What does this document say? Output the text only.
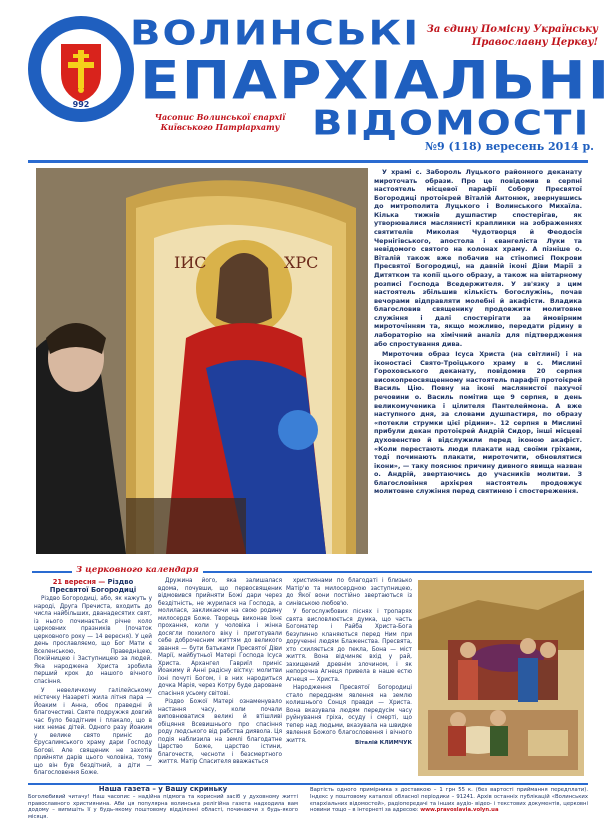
992
ВОЛИНСЬКІ
ЕПАРХІАЛЬНІ
ВІДОМОСТІ
За єдину Помісну Українську Православну Церкву!
Часопис Волинської єпархії Київського Патріархату
№9 (118) вересень 2014 р.
ІИС	ХРС

У храмі с. Забороль Луцького районного деканату мироточать образи. Про це повідомив в серпні настоятель місцевої парафії Собору Пресвятої Богородиці протоієрей Віталій Антонюк, звернувшись до митрополита Луцького і Волинського Михаїла. Кілька тижнів душпастир спостерігав, як утворювалися маслянисті краплинки на зображеннях святителів Миколая Чудотворця й Феодосія Чернігівського, апостола і євангеліста Луки та невідомого святого на колонах храму. А пізніше о. Віталій також вже побачив на стінописі Покрови Пресвятої Богородиці, на давній іконі Діви Марії з Дитятком та копії цього образу, а також на вівтарному розписі Господа Вседержителя. У зв'язку з цим настоятель збільшив кількість богослужінь, почав вечорами відправляти молебні й акафісти. Владика благословив священику продовжити молитовне служіння і далі спостерігати за ймовірним мироточінням та, якщо можливо, передати рідину в лабораторію на хімічний аналіз для підтвердження або спростування дива.

Мироточив образ Ісуса Христа (на світлині) і на іконостасі Свято-Троїцького храму в с. Мислині Гороховського деканату, повідомив 20 серпня високопреосвященному настоятель парафії протоієрей Василь Цію. Повну на іконі маслянистої пахучої речовини о. Василь помітив ще 9 серпня, в день великомученика і цілителя Пантелеймона. А вже наступного дня, за словами душпастиря, по образу «потекли струмки цієї рідини». 12 серпня в Мислині прибули декан протоієрей Андрій Сидор, інші місцеві духовенство й відслужили перед іконою акафіст. «Коли перестають люди плакати над своїми гріхами, тоді починають плакати, мироточити, обновлятися ікони», — таку пояснює причину дивного явища назван о. Андрій, звертаючись до учасників молитви. З благословіння архієрея настоятель продовжує молитовне служіння перед святинею і спостереження.

З церковного календаря
21 вересня — Різдво Пресвятої Богородиці

Різдво Богородиці, або, як кажуть у народі, Друга Пречиста, входить до числа найбільших, дванадесятих свят, із нього починається річне коло церковних празників (початок церковного року — 14 вересня). У цей день прославляємо, що Бог Мати є Вселенською, Праведніцею, Покійницею і Заступницею за людей. Яка народжена Христа зробила перший крок до нашого вічного спасіння.

У невеличкому галілейському містечку Назареті жила літня пара — Йоаким і Анна, обоє праведні й благочестиві. Святе подружжя довгий час було бездітним і плакало, що в них немає дітей. Одного разу Йоаким у велике свято приніс до Єрусалимського храму дари Господу Богові. Але священик не захотів прийняти дарів цього чоловіка, тому що він був бездітний, а діти — благословення Боже.

Дружина його, яка залишалася вдома, почувши, що первосвященик відмовився прийняти Божі дари через бездітність, не журилася на Господа, а молилася, закликаючи на свою родину милосердя Боже. Творець виконав їхнє прохання, коли у чоловіка і жінка досягли похилого віку і приготували себе доброчесним життям до великого звання — бути батьками Пресвятої Діви Марії, майбутньої Матері Господа Ісуса Христа. Архангел Гавриїл приніс Йоакиму й Анні радісну вістку: молитви їхні почуті Богом, і в них народиться дочка Марія, через Котру буде дароване спасіння усьому світові.

Різдво Божої Матері ознаменувало настання часу, коли почали виповнюватися великі й втішливі обіцяння Всевишнього про спасіння роду людського від рабства диявола. Ця подія наблизила на землі благодатне Царство Боже, царство істини, благочестя, чесноти і безсмертного життя. Матір Спасителя вважається

християнами по благодаті і близько Матір'ю та милосердною заступницею, до Якої вони постійно звертаються із синівською любов'ю.

У богослужбових піснях і тропарях свята висловлюється думка, що часть Богоматер і Райба Христа-Бога безупинно кланяються перед Ним при дорученні людям Блаженства. Пресвята, хто схиляється до пекла, Бона — міст життя. Вона відчиняє вхід у рай, захищений древнім злочином, і як непорочна Агнеця привела в наше естю Агнеця — Христа.

Народження Пресвятої Богородиці стало переддням явлення на землю колишнього Сонця правди — Христа. Вона вказувала людям передусім часу руйнування гріха, осуду і смерті, що тепер над людьми, вказувала на швидке явлення Божого благословення і вічного життя.	Віталій КЛИМЧУК
Наша газета – у Вашу скриньку
Боголюбивий читачу! Наш часопис – надійна підмога та корисний засіб у духовному житті православного християнина. Аби ця популярна волинська релігійна газета надходила вам додому – випишіть її у будь-якому поштовому відділенні області, починаючи з будь-якого місяця.
Вартість одного примірника з доставкою – 1 грн 55 к. (без вартості приймання передплати). Індекс у поштовому каталозі обласної періодики – 91241. Архів останніх публікацій «Волинських єпархіальних відомостей», радіопередачі та інших аудіо- відео- і текстових документів, церковні новини тощо – в інтернеті за адресою: www.pravoslavia.volyn.ua
